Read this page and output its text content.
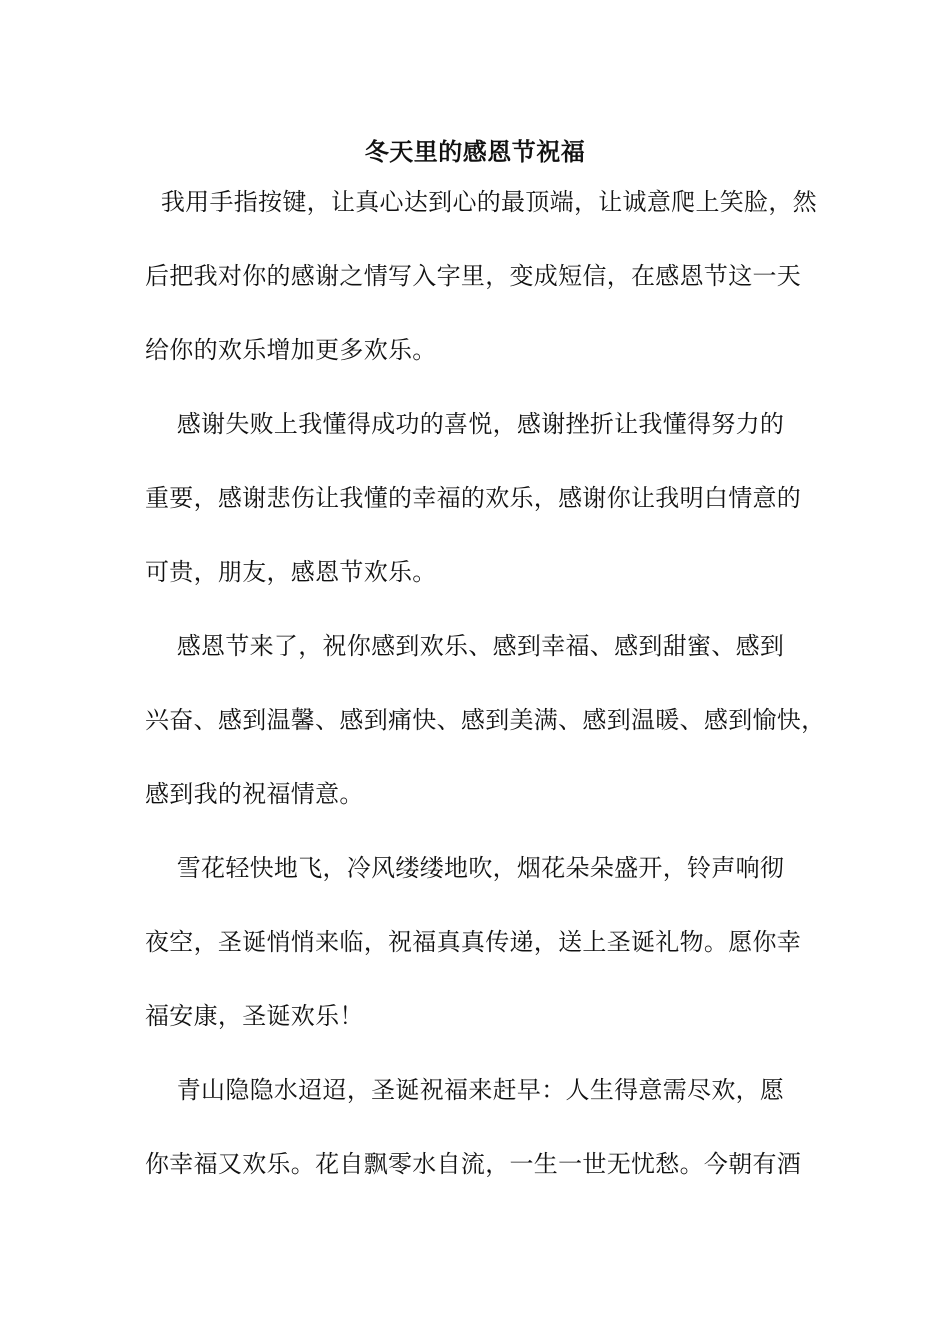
冬天里的感恩节祝福
我用手指按键，让真心达到心的最顶端，让诚意爬上笑脸，然
后把我对你的感谢之情写入字里，变成短信，在感恩节这一天
给你的欢乐增加更多欢乐。
感谢失败上我懂得成功的喜悦，感谢挫折让我懂得努力的
重要，感谢悲伤让我懂的幸福的欢乐，感谢你让我明白情意的
可贵，朋友，感恩节欢乐。
感恩节来了，祝你感到欢乐、感到幸福、感到甜蜜、感到
兴奋、感到温馨、感到痛快、感到美满、感到温暖、感到愉快，
感到我的祝福情意。
雪花轻快地飞，冷风缕缕地吹，烟花朵朵盛开，铃声响彻
夜空，圣诞悄悄来临，祝福真真传递，送上圣诞礼物。愿你幸
福安康，圣诞欢乐！
青山隐隐水迢迢，圣诞祝福来赶早：人生得意需尽欢，愿
你幸福又欢乐。花自飘零水自流，一生一世无忧愁。今朝有酒
